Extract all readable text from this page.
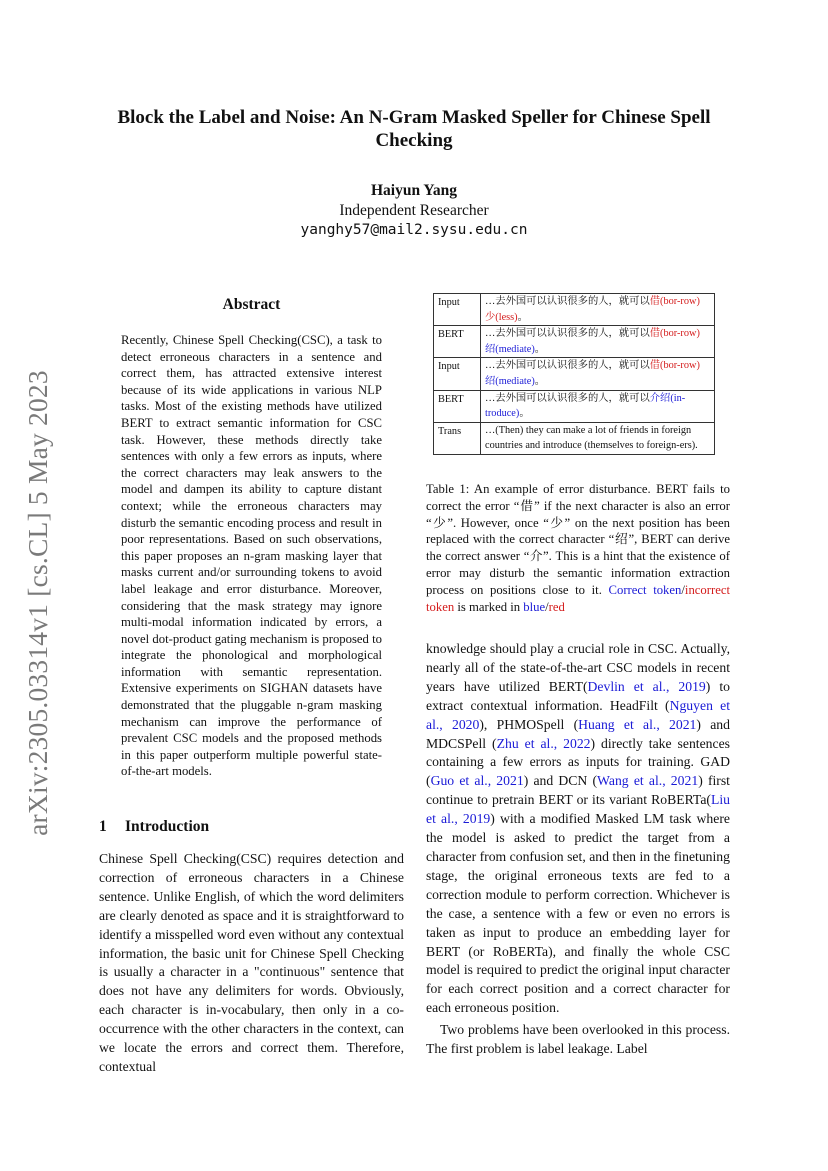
Block the Label and Noise: An N-Gram Masked Speller for Chinese Spell Checking
Haiyun Yang
Independent Researcher
yanghy57@mail2.sysu.edu.cn
arXiv:2305.03314v1 [cs.CL] 5 May 2023
Abstract
Recently, Chinese Spell Checking(CSC), a task to detect erroneous characters in a sentence and correct them, has attracted extensive interest because of its wide applications in various NLP tasks. Most of the existing methods have utilized BERT to extract semantic information for CSC task. However, these methods directly take sentences with only a few errors as inputs, where the correct characters may leak answers to the model and dampen its ability to capture distant context; while the erroneous characters may disturb the semantic encoding process and result in poor representations. Based on such observations, this paper proposes an n-gram masking layer that masks current and/or surrounding tokens to avoid label leakage and error disturbance. Moreover, considering that the mask strategy may ignore multi-modal information indicated by errors, a novel dot-product gating mechanism is proposed to integrate the phonological and morphological information with semantic representation. Extensive experiments on SIGHAN datasets have demonstrated that the pluggable n-gram masking mechanism can improve the performance of prevalent CSC models and the proposed methods in this paper outperform multiple powerful state-of-the-art models.
1 Introduction
Chinese Spell Checking(CSC) requires detection and correction of erroneous characters in a Chinese sentence. Unlike English, of which the word delimiters are clearly denoted as space and it is straightforward to identify a misspelled word even without any contextual information, the basic unit for Chinese Spell Checking is usually a character in a "continuous" sentence that does not have any delimiters for words. Obviously, each character is in-vocabulary, then only in a co-occurrence with the other characters in the context, can we locate the errors and correct them. Therefore, contextual
Input	…去外国可以认识很多的人，就可以借(bor-row)少(less)。
BERT	…去外国可以认识很多的人，就可以借(bor-row)绍(mediate)。
Input	…去外国可以认识很多的人，就可以借(bor-row)绍(mediate)。
BERT	…去外国可以认识很多的人，就可以介绍(in-troduce)。
Trans	…(Then) they can make a lot of friends in foreign countries and introduce (themselves to foreign-ers).
Table 1: An example of error disturbance. BERT fails to correct the error “借” if the next character is also an error “少”. However, once “少” on the next position has been replaced with the correct character “绍”, BERT can derive the correct answer “介”. This is a hint that the existence of error may disturb the semantic information extraction process on positions close to it. Correct token/incorrect token is marked in blue/red

knowledge should play a crucial role in CSC. Actually, nearly all of the state-of-the-art CSC models in recent years have utilized BERT(Devlin et al., 2019) to extract contextual information. HeadFilt (Nguyen et al., 2020), PHMOSpell (Huang et al., 2021) and MDCSPell (Zhu et al., 2022) directly take sentences containing a few errors as inputs for training. GAD (Guo et al., 2021) and DCN (Wang et al., 2021) first continue to pretrain BERT or its variant RoBERTa(Liu et al., 2019) with a modified Masked LM task where the model is asked to predict the target from a character from confusion set, and then in the finetuning stage, the original erroneous texts are fed to a correction module to perform correction. Whichever is the case, a sentence with a few or even no errors is taken as input to produce an embedding layer for BERT (or RoBERTa), and finally the whole CSC model is required to predict the original input character for each correct position and a correct character for each erroneous position.

Two problems have been overlooked in this process. The first problem is label leakage. Label
